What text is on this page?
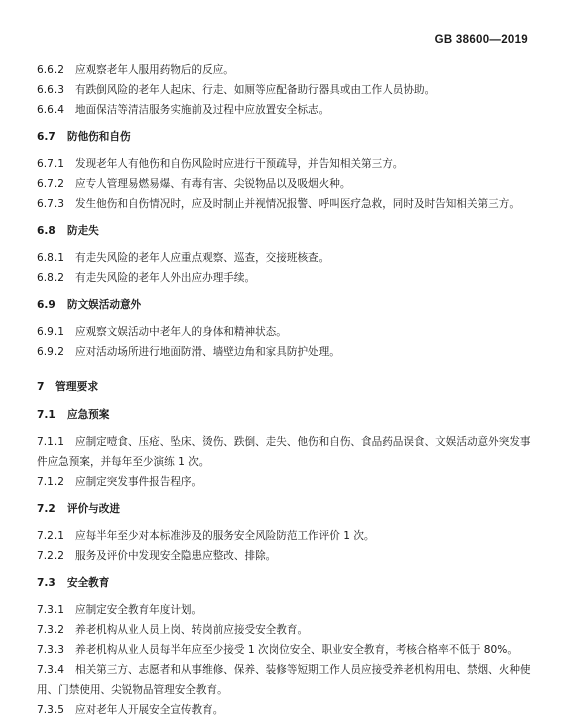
GB 38600—2019
6.6.2 应观察老年人服用药物后的反应。
6.6.3 有跌倒风险的老年人起床、行走、如厕等应配备助行器具或由工作人员协助。
6.6.4 地面保洁等清洁服务实施前及过程中应放置安全标志。
6.7 防他伤和自伤
6.7.1 发现老年人有他伤和自伤风险时应进行干预疏导，并告知相关第三方。
6.7.2 应专人管理易燃易爆、有毒有害、尖锐物品以及吸烟火种。
6.7.3 发生他伤和自伤情况时，应及时制止并视情况报警、呼叫医疗急救，同时及时告知相关第三方。
6.8 防走失
6.8.1 有走失风险的老年人应重点观察、巡查，交接班核查。
6.8.2 有走失风险的老年人外出应办理手续。
6.9 防文娱活动意外
6.9.1 应观察文娱活动中老年人的身体和精神状态。
6.9.2 应对活动场所进行地面防滑、墙壁边角和家具防护处理。
7 管理要求
7.1 应急预案
7.1.1 应制定噎食、压疮、坠床、烫伤、跌倒、走失、他伤和自伤、食品药品误食、文娱活动意外突发事件应急预案，并每年至少演练 1 次。
7.1.2 应制定突发事件报告程序。
7.2 评价与改进
7.2.1 应每半年至少对本标准涉及的服务安全风险防范工作评价 1 次。
7.2.2 服务及评价中发现安全隐患应整改、排除。
7.3 安全教育
7.3.1 应制定安全教育年度计划。
7.3.2 养老机构从业人员上岗、转岗前应接受安全教育。
7.3.3 养老机构从业人员每半年应至少接受 1 次岗位安全、职业安全教育，考核合格率不低于 80%。
7.3.4 相关第三方、志愿者和从事维修、保养、装修等短期工作人员应接受养老机构用电、禁烟、火种使用、门禁使用、尖锐物品管理安全教育。
7.3.5 应对老年人开展安全宣传教育。
